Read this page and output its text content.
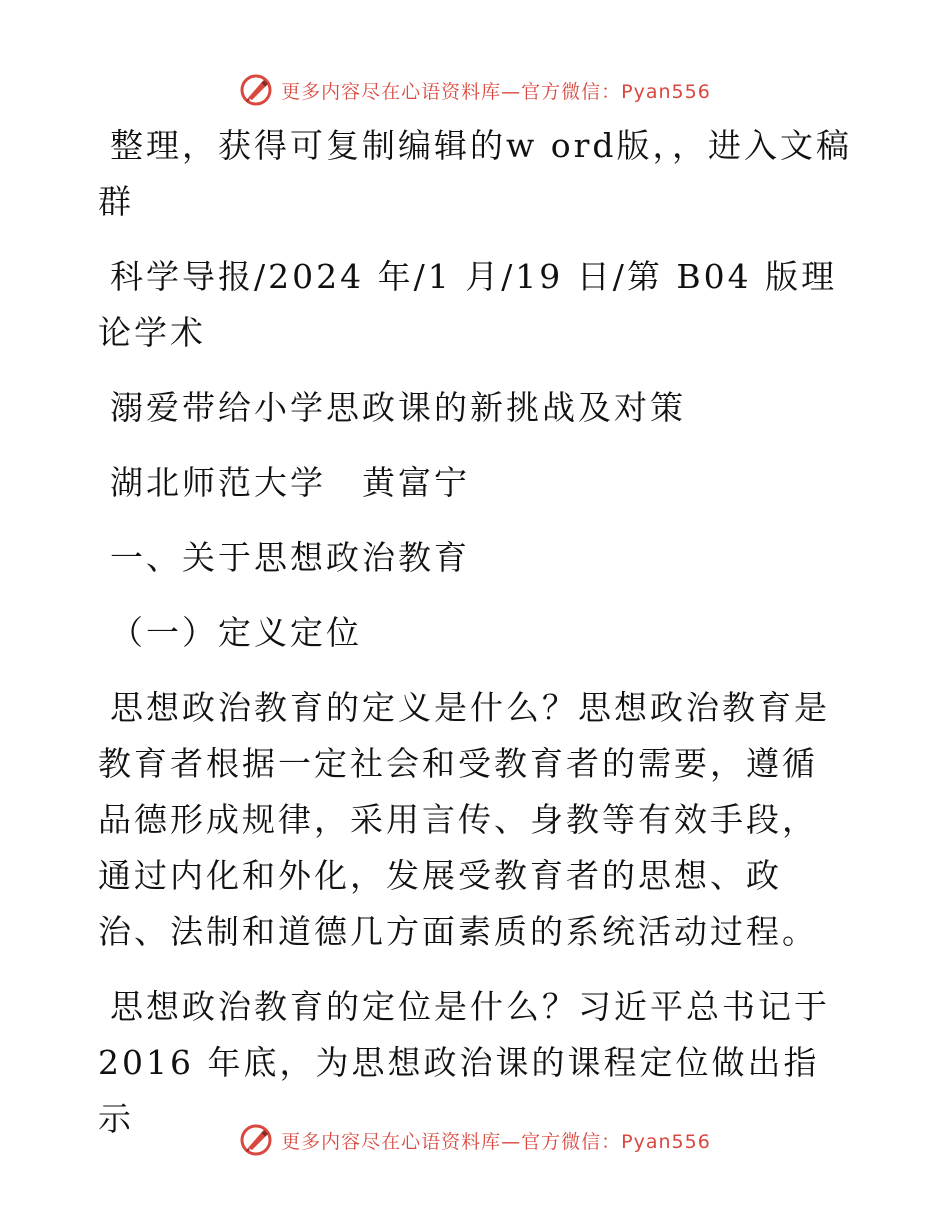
更多内容尽在心语资料库—官方微信：Pyan556

整理，获得可复制编辑的w ord版，，进入文稿群

科学导报/2024 年/1 月/19 日/第 B04 版理论学术

溺爱带给小学思政课的新挑战及对策

湖北师范大学　黄富宁

一、关于思想政治教育

（一）定义定位

思想政治教育的定义是什么？思想政治教育是教育者根据一定社会和受教育者的需要，遵循品德形成规律，采用言传、身教等有效手段，通过内化和外化，发展受教育者的思想、政治、法制和道德几方面素质的系统活动过程。

思想政治教育的定位是什么？习近平总书记于2016 年底，为思想政治课的课程定位做出指示

更多内容尽在心语资料库—官方微信：Pyan556
